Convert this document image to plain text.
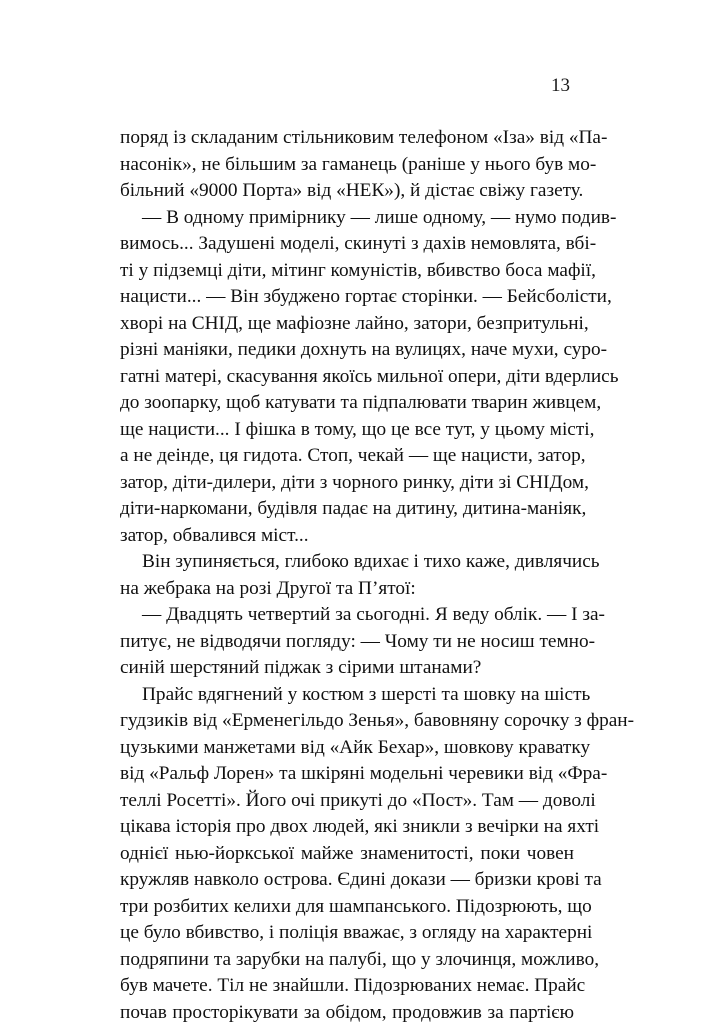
13
поряд із складаним стільниковим телефоном «Іза» від «Па-
насонік», не більшим за гаманець (раніше у нього був мо-
більний «9000 Порта» від «НЕК»), й дістає свіжу газету.
— В одному примірнику — лише одному, — нумо подив-
вимось... Задушені моделі, скинуті з дахів немовлята, вбі-
ті у підземці діти, мітинг комуністів, вбивство боса мафії,
нацисти... — Він збуджено гортає сторінки. — Бейсболісти,
хворі на СНІД, ще мафіозне лайно, затори, безпритульні,
різні маніяки, педики дохнуть на вулицях, наче мухи, суро-
гатні матері, скасування якоїсь мильної опери, діти вдерлись
до зоопарку, щоб катувати та підпалювати тварин живцем,
ще нацисти... І фішка в тому, що це все тут, у цьому місті,
а не деінде, ця гидота. Стоп, чекай — ще нацисти, затор,
затор, діти-дилери, діти з чорного ринку, діти зі СНІДом,
діти-наркомани, будівля падає на дитину, дитина-маніяк,
затор, обвалився міст...
Він зупиняється, глибоко вдихає і тихо каже, дивлячись
на жебрака на розі Другої та П’ятої:
— Двадцять четвертий за сьогодні. Я веду облік. — І за-
питує, не відводячи погляду: — Чому ти не носиш темно-
синій шерстяний піджак з сірими штанами?
Прайс вдягнений у костюм з шерсті та шовку на шість
гудзиків від «Ерменегільдо Зенья», бавовняну сорочку з фран-
цузькими манжетами від «Айк Бехар», шовкову краватку
від «Ральф Лорен» та шкіряні модельні черевики від «Фра-
теллі Росетті». Його очі прикуті до «Пост». Там — доволі
цікава історія про двох людей, які зникли з вечірки на яхті
однієї нью-йоркської майже знаменитості, поки човен
кружляв навколо острова. Єдині докази — бризки крові та
три розбитих келихи для шампанського. Підозрюють, що
це було вбивство, і поліція вважає, з огляду на характерні
подряпини та зарубки на палубі, що у злочинця, можливо,
був мачете. Тіл не знайшли. Підозрюваних немає. Прайс
почав просторікувати за обідом, продовжив за партією
